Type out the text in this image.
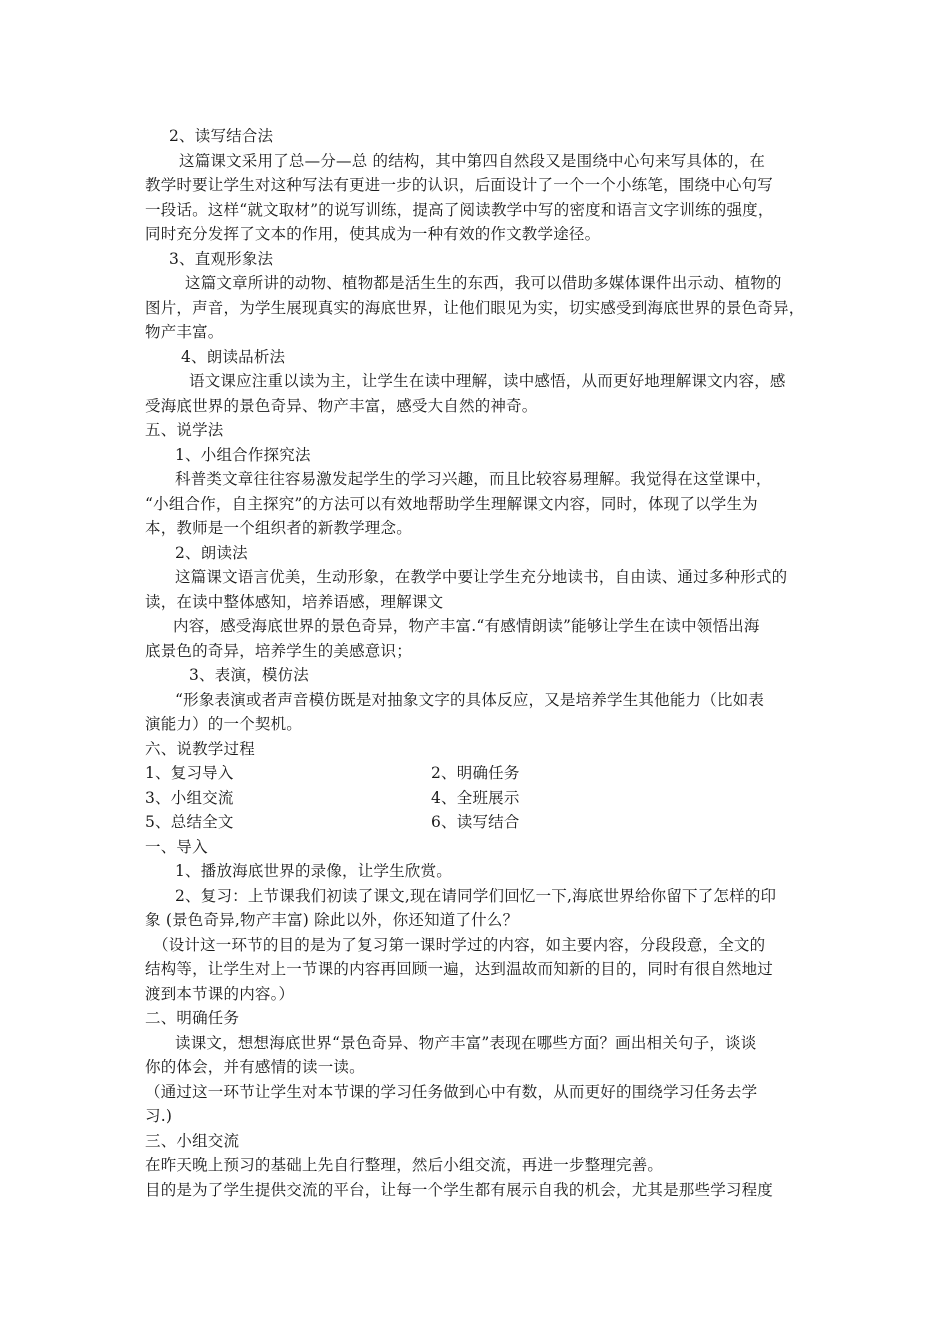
2、读写结合法
这篇课文采用了总—分—总 的结构，其中第四自然段又是围绕中心句来写具体的，在
教学时要让学生对这种写法有更进一步的认识，后面设计了一个一个小练笔，围绕中心句写
一段话。这样“就文取材”的说写训练，提高了阅读教学中写的密度和语言文字训练的强度，
同时充分发挥了文本的作用，使其成为一种有效的作文教学途径。
3、直观形象法
这篇文章所讲的动物、植物都是活生生的东西，我可以借助多媒体课件出示动、植物的
图片，声音，为学生展现真实的海底世界，让他们眼见为实，切实感受到海底世界的景色奇异，
物产丰富。
4、朗读品析法
语文课应注重以读为主，让学生在读中理解，读中感悟，从而更好地理解课文内容，感
受海底世界的景色奇异、物产丰富，感受大自然的神奇。
五、说学法
1、小组合作探究法
科普类文章往往容易激发起学生的学习兴趣，而且比较容易理解。我觉得在这堂课中，
“小组合作，自主探究”的方法可以有效地帮助学生理解课文内容，同时，体现了以学生为
本，教师是一个组织者的新教学理念。
2、朗读法
这篇课文语言优美，生动形象，在教学中要让学生充分地读书，自由读、通过多种形式的
读，在读中整体感知，培养语感，理解课文
内容，感受海底世界的景色奇异，物产丰富.“有感情朗读”能够让学生在读中领悟出海
底景色的奇异，培养学生的美感意识；
3、表演，模仿法
“形象表演或者声音模仿既是对抽象文字的具体反应，又是培养学生其他能力（比如表
演能力）的一个契机。
六、说教学过程
1、复习导入	2、明确任务
3、小组交流	4、全班展示
5、总结全文	6、读写结合
一、导入
1、播放海底世界的录像，让学生欣赏。
2、复习：上节课我们初读了课文,现在请同学们回忆一下,海底世界给你留下了怎样的印
象 (景色奇异,物产丰富) 除此以外，你还知道了什么？
（设计这一环节的目的是为了复习第一课时学过的内容，如主要内容，分段段意，全文的
结构等，让学生对上一节课的内容再回顾一遍，达到温故而知新的目的，同时有很自然地过
渡到本节课的内容。）
二、明确任务
读课文，想想海底世界“景色奇异、物产丰富”表现在哪些方面？画出相关句子，谈谈
你的体会，并有感情的读一读。
（通过这一环节让学生对本节课的学习任务做到心中有数，从而更好的围绕学习任务去学
习.)
三、小组交流
在昨天晚上预习的基础上先自行整理，然后小组交流，再进一步整理完善。
目的是为了学生提供交流的平台，让每一个学生都有展示自我的机会，尤其是那些学习程度
